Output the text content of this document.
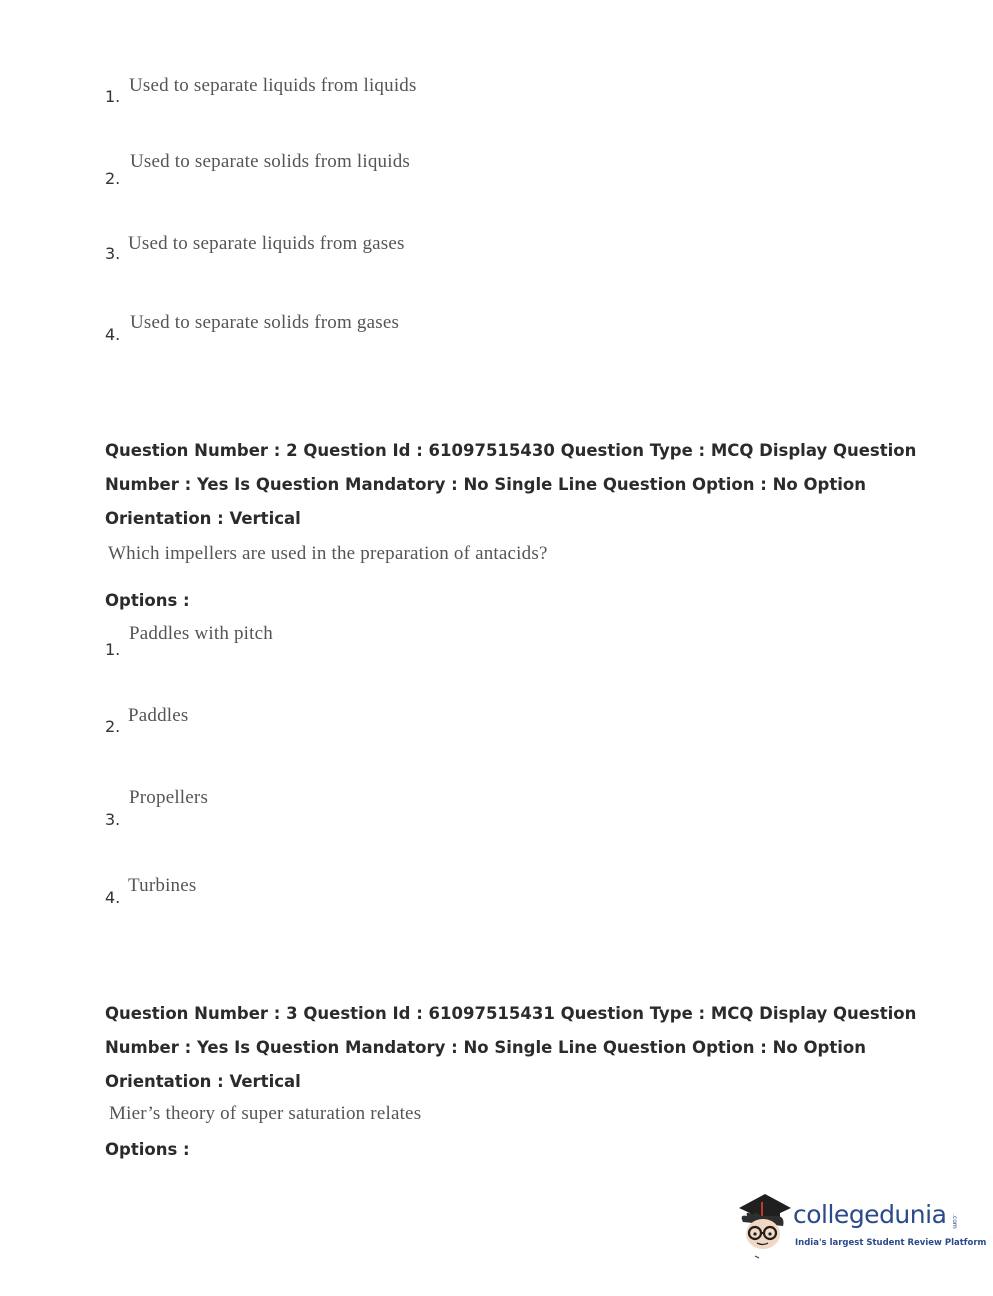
1.
Used to separate liquids from liquids
2.
Used to separate solids from liquids
3. Used to separate liquids from gases
4.
Used to separate solids from gases
Question Number : 2 Question Id : 61097515430 Question Type : MCQ Display Question
Number : Yes Is Question Mandatory : No Single Line Question Option : No Option
Orientation : Vertical
Which impellers are used in the preparation of antacids?
Options :
1.
Paddles with pitch
2.
Paddles
3.
Propellers
4.
Turbines
Question Number : 3 Question Id : 61097515431 Question Type : MCQ Display Question
Number : Yes Is Question Mandatory : No Single Line Question Option : No Option
Orientation : Vertical
Mier’s theory of super saturation relates
Options :
collegedunia .com
India's largest Student Review Platform
